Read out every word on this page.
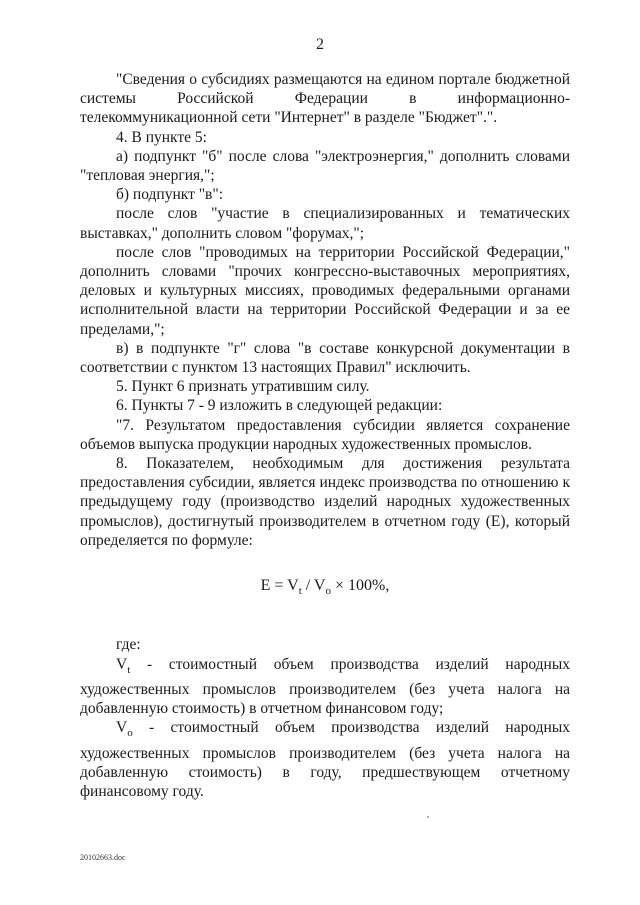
2

"Сведения о субсидиях размещаются на едином портале бюджетной системы Российской Федерации в информационно-телекоммуникационной сети "Интернет" в разделе "Бюджет".".

4. В пункте 5:

а) подпункт "б" после слова "электроэнергия," дополнить словами "тепловая энергия,";

б) подпункт "в":

после слов "участие в специализированных и тематических выставках," дополнить словом "форумах,";

после слов "проводимых на территории Российской Федерации," дополнить словами "прочих конгрессно-выставочных мероприятиях, деловых и культурных миссиях, проводимых федеральными органами исполнительной власти на территории Российской Федерации и за ее пределами,";

в) в подпункте "г" слова "в составе конкурсной документации в соответствии с пунктом 13 настоящих Правил" исключить.

5. Пункт 6 признать утратившим силу.

6. Пункты 7 - 9 изложить в следующей редакции:

"7. Результатом предоставления субсидии является сохранение объемов выпуска продукции народных художественных промыслов.

8. Показателем, необходимым для достижения результата предоставления субсидии, является индекс производства по отношению к предыдущему году (производство изделий народных художественных промыслов), достигнутый производителем в отчетном году (Е), который определяется по формуле:

$E = V_t / V_o \times 100\%$,

где:

$V_t$ - стоимостный объем производства изделий народных художественных промыслов производителем (без учета налога на добавленную стоимость) в отчетном финансовом году;

$V_o$ - стоимостный объем производства изделий народных художественных промыслов производителем (без учета налога на добавленную стоимость) в году, предшествующем отчетному финансовому году.

20102663.doc
